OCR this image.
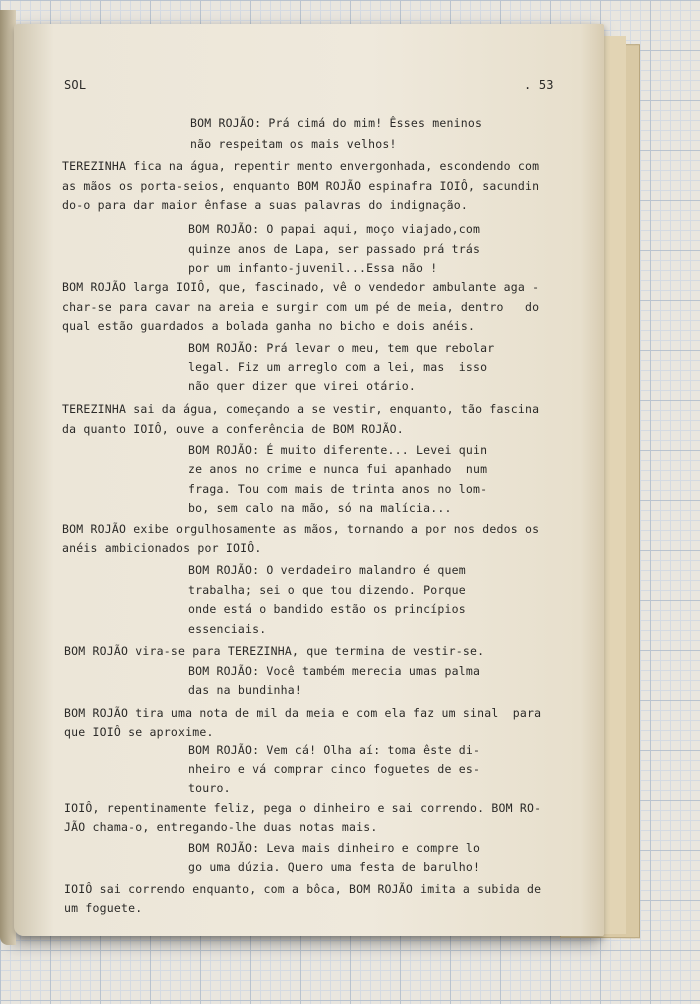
SOL	. 53
BOM ROJÃO: Prá cimá do mim! Êsses meninos
não respeitam os mais velhos!
TEREZINHA fica na água, repentir mento envergonhada, escondendo com
as mãos os porta-seios, enquanto BOM ROJÃO espinafra IOIÔ, sacundin
do-o para dar maior ênfase a suas palavras do indignação.
BOM ROJÃO: O papai aqui, moço viajado,com
quinze anos de Lapa, ser passado prá trás
por um infanto-juvenil...Essa não !
BOM ROJÃO larga IOIÔ, que, fascinado, vê o vendedor ambulante aga -
char-se para cavar na areia e surgir com um pé de meia, dentro   do
qual estão guardados a bolada ganha no bicho e dois anéis.
BOM ROJÃO: Prá levar o meu, tem que rebolar
legal. Fiz um arreglo com a lei, mas  isso
não quer dizer que virei otário.
TEREZINHA sai da água, começando a se vestir, enquanto, tão fascina
da quanto IOIÔ, ouve a conferência de BOM ROJÃO.
BOM ROJÃO: É muito diferente... Levei quin
ze anos no crime e nunca fui apanhado  num
fraga. Tou com mais de trinta anos no lom-
bo, sem calo na mão, só na malícia...
BOM ROJÃO exibe orgulhosamente as mãos, tornando a por nos dedos os
anéis ambicionados por IOIÔ.
BOM ROJÃO: O verdadeiro malandro é quem
trabalha; sei o que tou dizendo. Porque
onde está o bandido estão os princípios
essenciais.
BOM ROJÃO vira-se para TEREZINHA, que termina de vestir-se.
BOM ROJÃO: Você também merecia umas palma
das na bundinha!
BOM ROJÃO tira uma nota de mil da meia e com ela faz um sinal  para
que IOIÔ se aproxime.
BOM ROJÃO: Vem cá! Olha aí: toma êste di-
nheiro e vá comprar cinco foguetes de es-
touro.
IOIÔ, repentinamente feliz, pega o dinheiro e sai correndo. BOM RO-
JÃO chama-o, entregando-lhe duas notas mais.
BOM ROJÃO: Leva mais dinheiro e compre lo
go uma dúzia. Quero uma festa de barulho!
IOIÔ sai correndo enquanto, com a bôca, BOM ROJÃO imita a subida de
um foguete.
